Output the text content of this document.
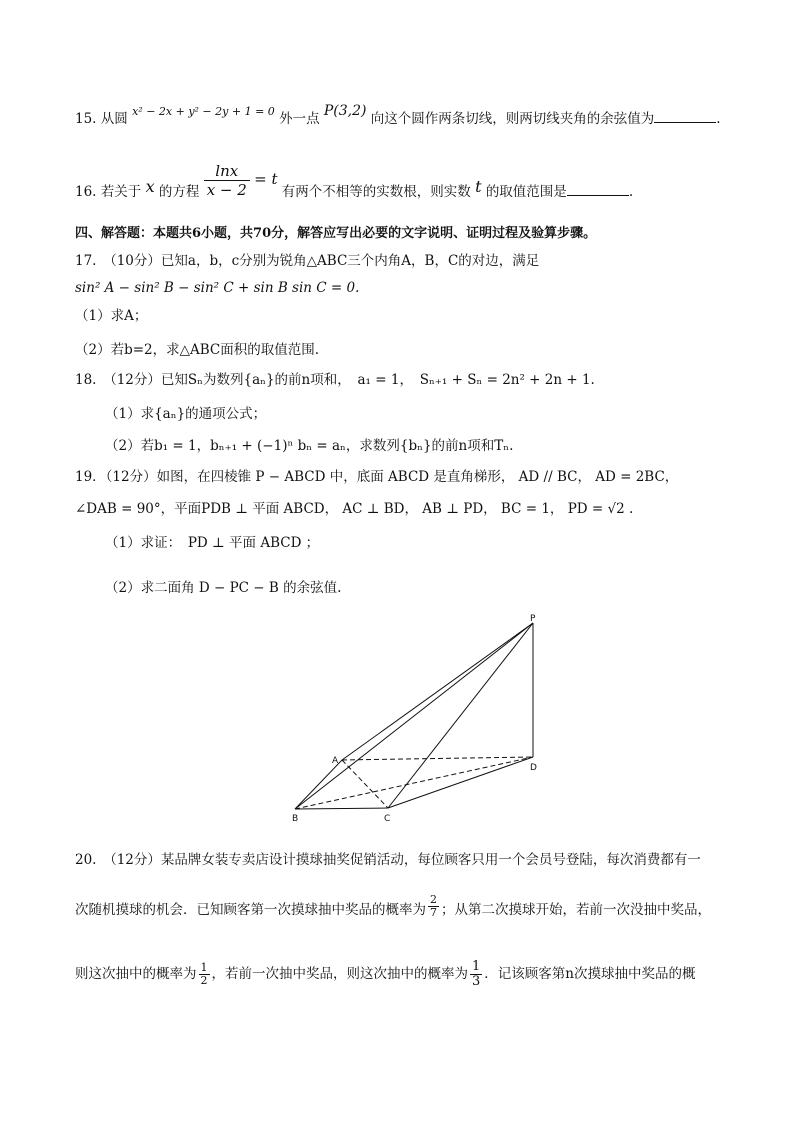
15. 从圆 $^{x^2 - 2x + y^2 - 2y + 1 = 0}$ 外一点 P(3,2) 向这个圆作两条切线，则两切线夹角的余弦值为	.
16. 若关于 x 的方程 $\frac{\ln x}{x - 2} = t$ 有两个不相等的实数根，则实数 t 的取值范围是	.
四、解答题：本题共6小题，共70分，解答应写出必要的文字说明、证明过程及验算步骤。
17.　（10分）已知a，b，c分别为锐角△ABC三个内角A，B，C的对边，满足
sin² A − sin² B − sin² C + sin B sin C = 0.
（1）求A；
（2）若b=2，求△ABC面积的取值范围.
18.　（12分）已知Sₙ为数列{aₙ}的前n项和，　a₁ = 1，　Sₙ₊₁ + Sₙ = 2n² + 2n + 1.
（1）求{aₙ}的通项公式；
（2）若b₁ = 1，bₙ₊₁ + (−1)ⁿ bₙ = aₙ，求数列{bₙ}的前n项和Tₙ.
19．（12分）如图，在四棱锥 P − ABCD 中，底面 ABCD 是直角梯形， AD // BC， AD = 2BC，
∠DAB = 90°，平面PDB ⊥ 平面 ABCD， AC ⊥ BD， AB ⊥ PD， BC = 1， PD = √2 .
（1）求证：　PD ⊥ 平面 ABCD ；
（2）求二面角 D − PC − B 的余弦值.
P
A
D
B	C
20.　（12分）某品牌女装专卖店设计摸球抽奖促销活动，每位顾客只用一个会员号登陆，每次消费都有一
次随机摸球的机会．已知顾客第一次摸球抽中奖品的概率为 $\frac{2}{7}$ ；从第二次摸球开始，若前一次没抽中奖品，
则这次抽中的概率为 $\frac{1}{2}$ ，若前一次抽中奖品，则这次抽中的概率为 $\frac{1}{3}$ ．记该顾客第n次摸球抽中奖品的概
